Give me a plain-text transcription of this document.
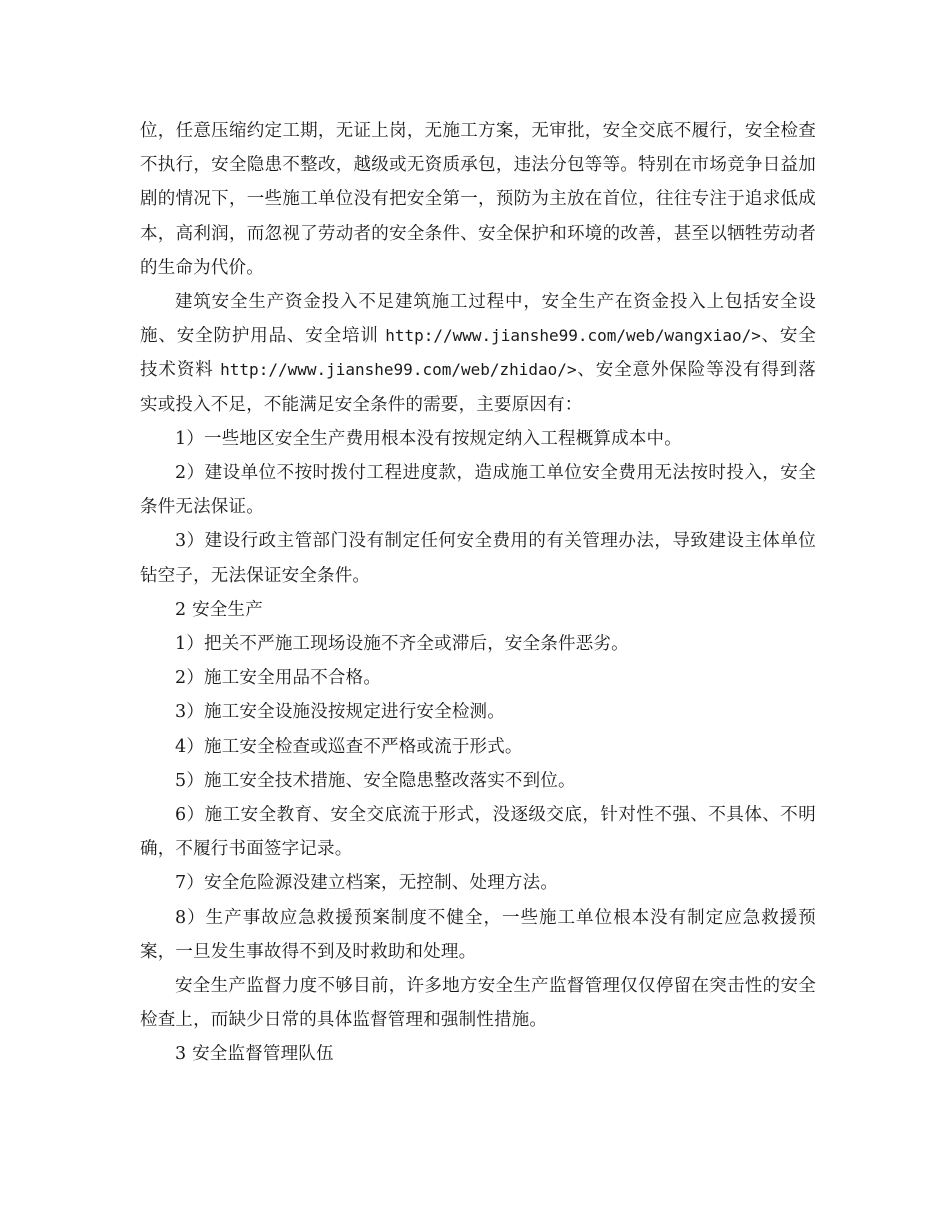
位，任意压缩约定工期，无证上岗，无施工方案，无审批，安全交底不履行，安全检查不执行，安全隐患不整改，越级或无资质承包，违法分包等等。特别在市场竞争日益加剧的情况下，一些施工单位没有把安全第一，预防为主放在首位，往往专注于追求低成本，高利润，而忽视了劳动者的安全条件、安全保护和环境的改善，甚至以牺牲劳动者的生命为代价。

建筑安全生产资金投入不足建筑施工过程中，安全生产在资金投入上包括安全设施、安全防护用品、安全培训 http://www.jianshe99.com/web/wangxiao/>、安全技术资料 http://www.jianshe99.com/web/zhidao/>、安全意外保险等没有得到落实或投入不足，不能满足安全条件的需要，主要原因有：

1）一些地区安全生产费用根本没有按规定纳入工程概算成本中。

2）建设单位不按时拨付工程进度款，造成施工单位安全费用无法按时投入，安全条件无法保证。

3）建设行政主管部门没有制定任何安全费用的有关管理办法，导致建设主体单位钻空子，无法保证安全条件。

2 安全生产

1）把关不严施工现场设施不齐全或滞后，安全条件恶劣。

2）施工安全用品不合格。

3）施工安全设施没按规定进行安全检测。

4）施工安全检查或巡查不严格或流于形式。

5）施工安全技术措施、安全隐患整改落实不到位。

6）施工安全教育、安全交底流于形式，没逐级交底，针对性不强、不具体、不明确，不履行书面签字记录。

7）安全危险源没建立档案，无控制、处理方法。

8）生产事故应急救援预案制度不健全，一些施工单位根本没有制定应急救援预案，一旦发生事故得不到及时救助和处理。

安全生产监督力度不够目前，许多地方安全生产监督管理仅仅停留在突击性的安全检查上，而缺少日常的具体监督管理和强制性措施。

3 安全监督管理队伍
